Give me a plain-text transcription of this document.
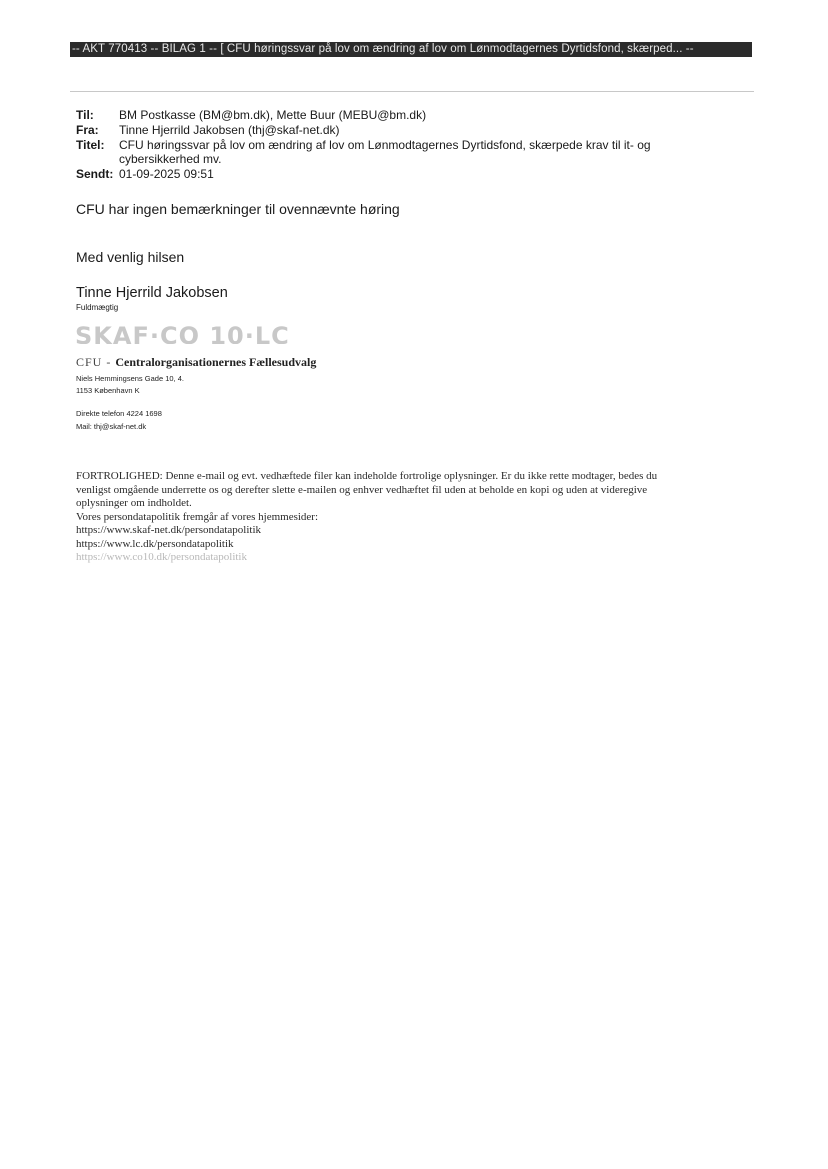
-- AKT 770413 -- BILAG 1 -- [ CFU høringssvar på lov om ændring af lov om Lønmodtagernes Dyrtidsfond, skærped... --
Til:	BM Postkasse (BM@bm.dk), Mette Buur (MEBU@bm.dk)
Fra:	Tinne Hjerrild Jakobsen (thj@skaf-net.dk)
Titel:	CFU høringssvar på lov om ændring af lov om Lønmodtagernes Dyrtidsfond, skærpede krav til it- og
cybersikkerhed mv.
Sendt: 01-09-2025 09:51
CFU har ingen bemærkninger til ovennævnte høring
Med venlig hilsen
Tinne Hjerrild Jakobsen
Fuldmægtig
SKAF·CO 10·LC
CFU - Centralorganisationernes Fællesudvalg
Niels Hemmingsens Gade 10, 4.
1153 København K
Direkte telefon 4224 1698
Mail: thj@skaf-net.dk
FORTROLIGHED: Denne e-mail og evt. vedhæftede filer kan indeholde fortrolige oplysninger. Er du ikke rette modtager, bedes du
venligst omgående underrette os og derefter slette e-mailen og enhver vedhæftet fil uden at beholde en kopi og uden at videregive
oplysninger om indholdet.
Vores persondatapolitik fremgår af vores hjemmesider:
https://www.skaf-net.dk/persondatapolitik
https://www.lc.dk/persondatapolitik
https://www.co10.dk/persondatapolitik
